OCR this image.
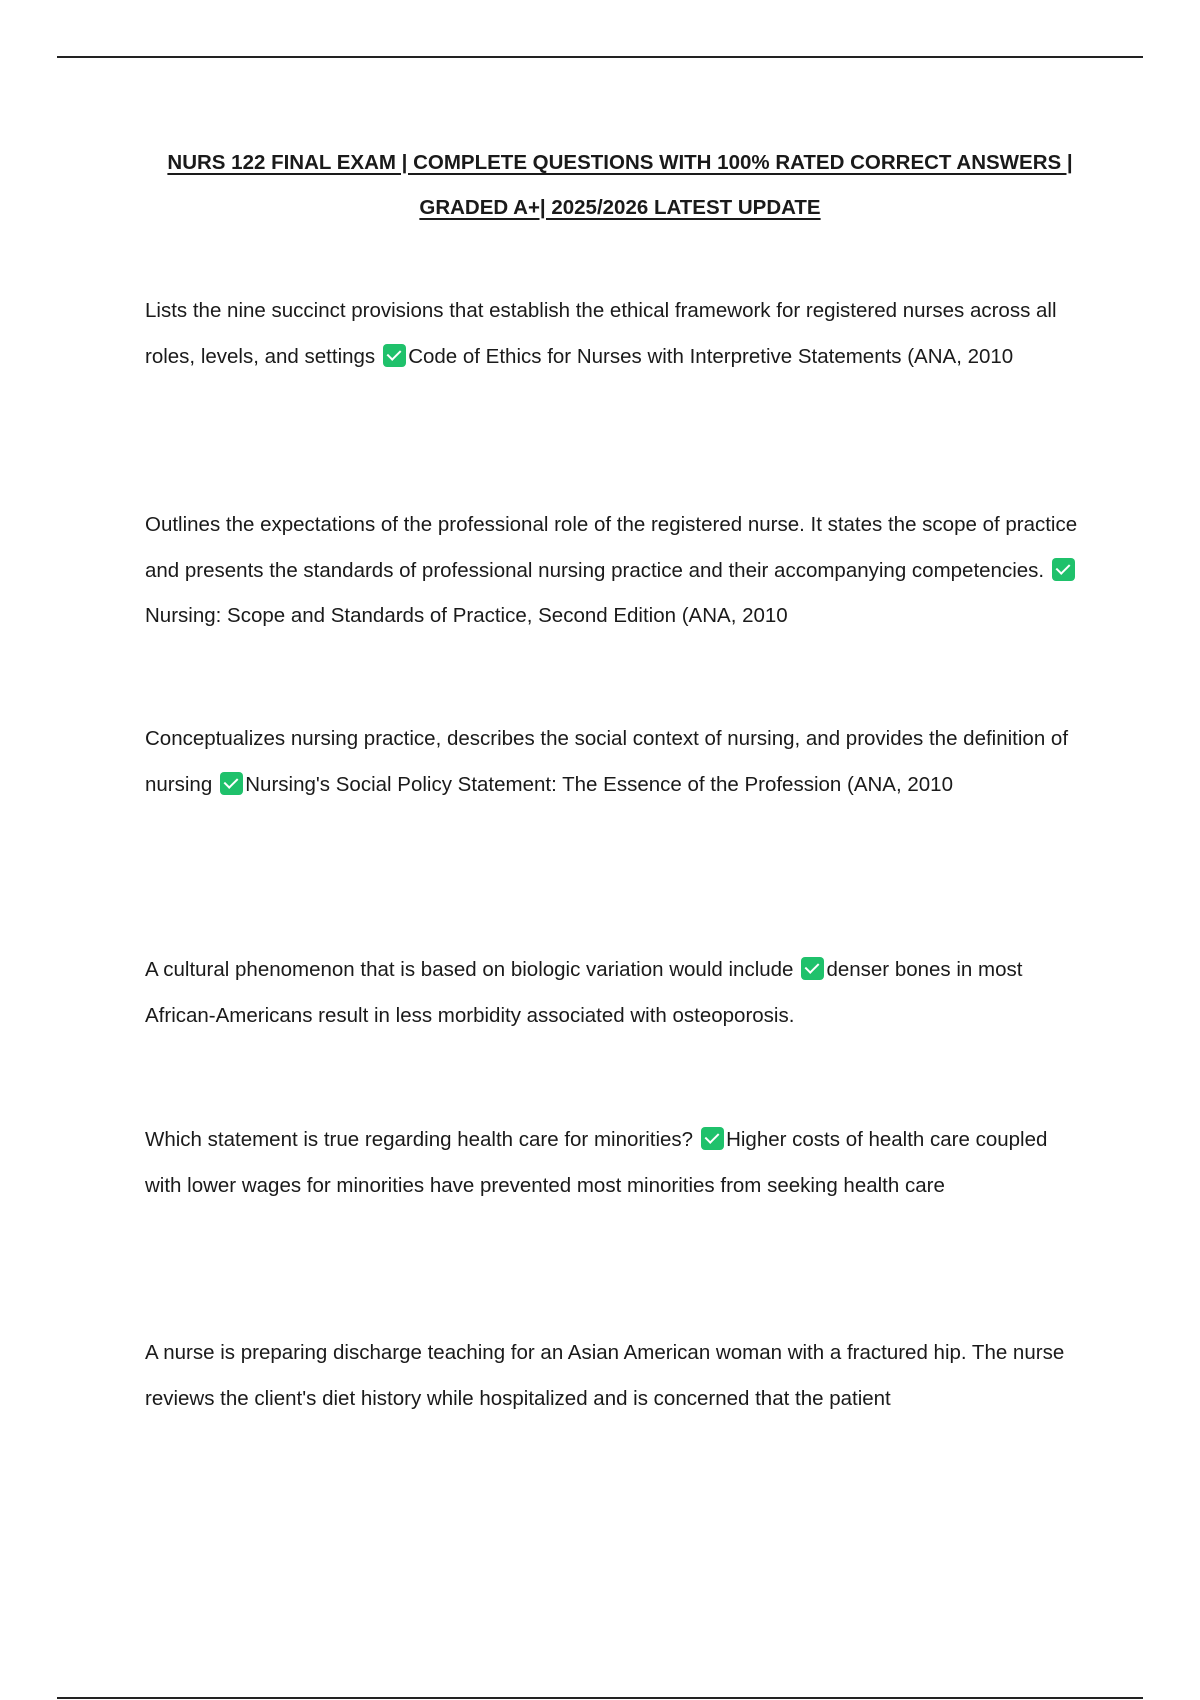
NURS 122 FINAL EXAM | COMPLETE QUESTIONS WITH 100% RATED CORRECT ANSWERS | GRADED A+| 2025/2026 LATEST UPDATE
Lists the nine succinct provisions that establish the ethical framework for registered nurses across all roles, levels, and settings Code of Ethics for Nurses with Interpretive Statements (ANA, 2010
Outlines the expectations of the professional role of the registered nurse. It states the scope of practice and presents the standards of professional nursing practice and their accompanying competencies.Nursing: Scope and Standards of Practice, Second Edition (ANA, 2010
Conceptualizes nursing practice, describes the social context of nursing, and provides the definition of nursing Nursing's Social Policy Statement: The Essence of the Profession (ANA, 2010
A cultural phenomenon that is based on biologic variation would include denser bones in most African-Americans result in less morbidity associated with osteoporosis.
Which statement is true regarding health care for minorities? Higher costs of health care coupled with lower wages for minorities have prevented most minorities from seeking health care
A nurse is preparing discharge teaching for an Asian American woman with a fractured hip. The nurse reviews the client's diet history while hospitalized and is concerned that the patient
